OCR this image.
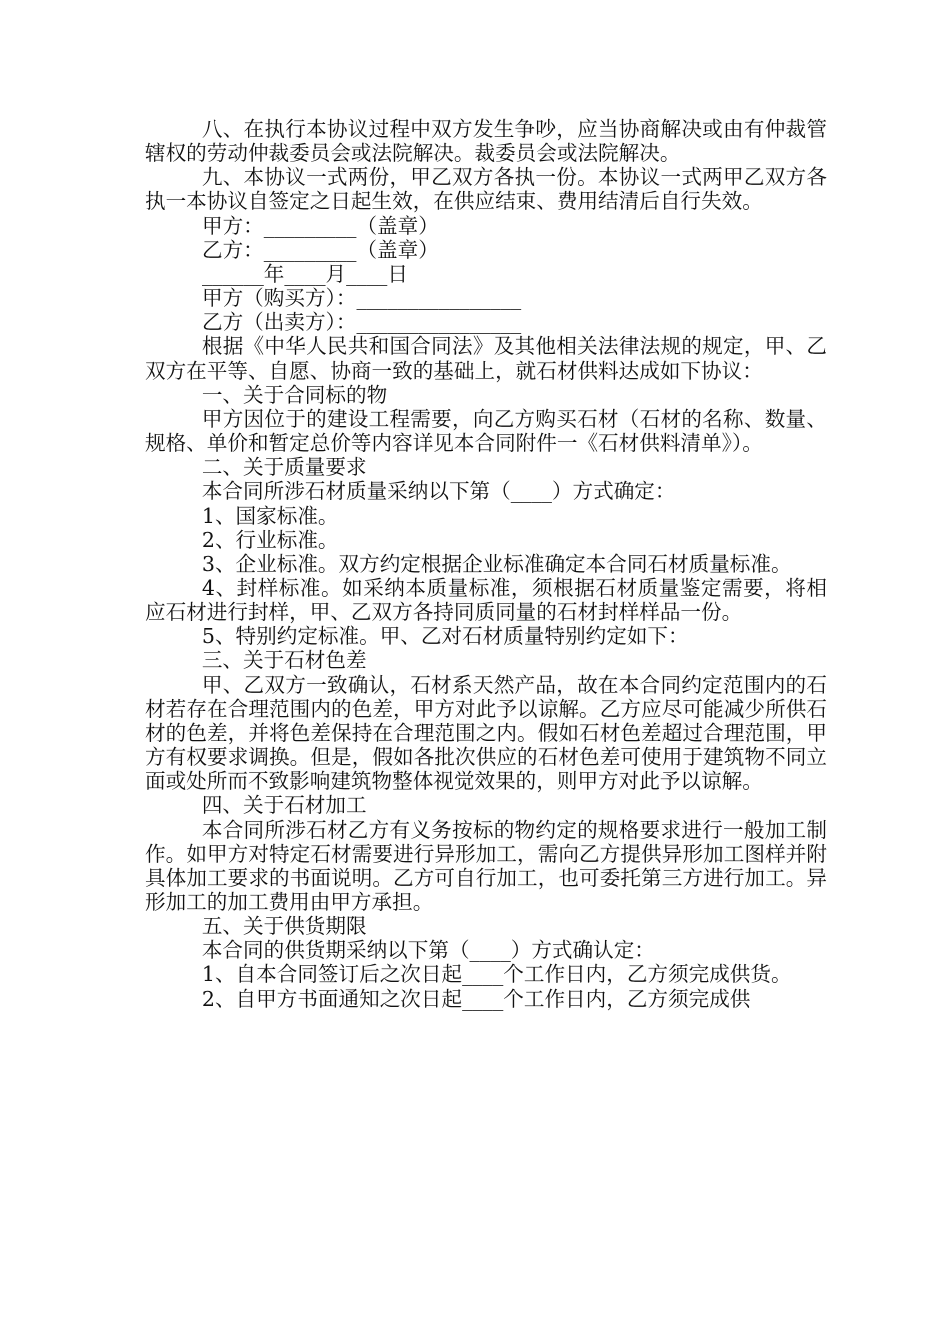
八、在执行本协议过程中双方发生争吵，应当协商解决或由有仲裁管辖权的劳动仲裁委员会或法院解决。裁委员会或法院解决。

九、本协议一式两份，甲乙双方各执一份。本协议一式两甲乙双方各执一本协议自签定之日起生效，在供应结束、费用结清后自行失效。

甲方：_________（盖章）

乙方：_________（盖章）

______年____月____日

甲方（购买方）：________________

乙方（出卖方）：________________

根据《中华人民共和国合同法》及其他相关法律法规的规定，甲、乙双方在平等、自愿、协商一致的基础上，就石材供料达成如下协议：

一、关于合同标的物

甲方因位于的建设工程需要，向乙方购买石材（石材的名称、数量、规格、单价和暂定总价等内容详见本合同附件一《石材供料清单》）。

二、关于质量要求

本合同所涉石材质量采纳以下第（____）方式确定：

1、国家标准。

2、行业标准。

3、企业标准。双方约定根据企业标准确定本合同石材质量标准。

4、封样标准。如采纳本质量标准，须根据石材质量鉴定需要，将相应石材进行封样，甲、乙双方各持同质同量的石材封样样品一份。

5、特别约定标准。甲、乙对石材质量特别约定如下：

三、关于石材色差

甲、乙双方一致确认，石材系天然产品，故在本合同约定范围内的石材若存在合理范围内的色差，甲方对此予以谅解。乙方应尽可能减少所供石材的色差，并将色差保持在合理范围之内。假如石材色差超过合理范围，甲方有权要求调换。但是，假如各批次供应的石材色差可使用于建筑物不同立面或处所而不致影响建筑物整体视觉效果的，则甲方对此予以谅解。

四、关于石材加工

本合同所涉石材乙方有义务按标的物约定的规格要求进行一般加工制作。如甲方对特定石材需要进行异形加工，需向乙方提供异形加工图样并附具体加工要求的书面说明。乙方可自行加工，也可委托第三方进行加工。异形加工的加工费用由甲方承担。

五、关于供货期限

本合同的供货期采纳以下第（____）方式确认定：

1、自本合同签订后之次日起____个工作日内，乙方须完成供货。

2、自甲方书面通知之次日起____个工作日内，乙方须完成供
